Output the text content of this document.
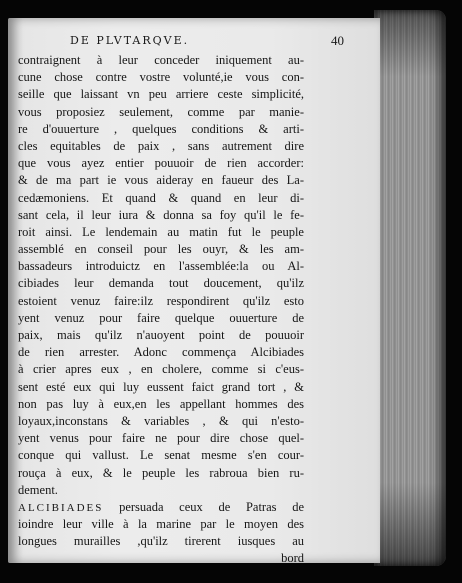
DE PLVTARQVE.	40
contraignent à leur conceder iniquement au-
cune chose contre vostre volunté,ie vous con-
seille que laissant vn peu arriere ceste simplicité,
vous proposiez seulement, comme par manie-
re d'ouuerture , quelques conditions & arti-
cles equitables de paix , sans autrement dire
que vous ayez entier pouuoir de rien accorder:
& de ma part ie vous aideray en faueur des La-
cedæmoniens. Et quand & quand en leur di-
sant cela, il leur iura & donna sa foy qu'il le fe-
roit ainsi. Le lendemain au matin fut le peuple
assemblé en conseil pour les ouyr, & les am-
bassadeurs introduictz en l'assemblée:la ou Al-
cibiades leur demanda tout doucement, qu'ilz
estoient venuz faire:ilz respondirent qu'ilz esto
yent venuz pour faire quelque ouuerture de
paix, mais qu'ilz n'auoyent point de pouuoir
de rien arrester. Adonc commença Alcibiades
à crier apres eux , en cholere, comme si c'eus-
sent esté eux qui luy eussent faict grand tort , &
non pas luy à eux,en les appellant hommes des
loyaux,inconstans & variables , & qui n'esto-
yent venus pour faire ne pour dire chose quel-
conque qui vallust. Le senat mesme s'en cour-
rouça à eux, & le peuple les rabroua bien ru-
dement.
ALCIBIADES persuada ceux de Patras de
ioindre leur ville à la marine par le moyen des
longues murailles ,qu'ilz tirerent iusques au
bord
